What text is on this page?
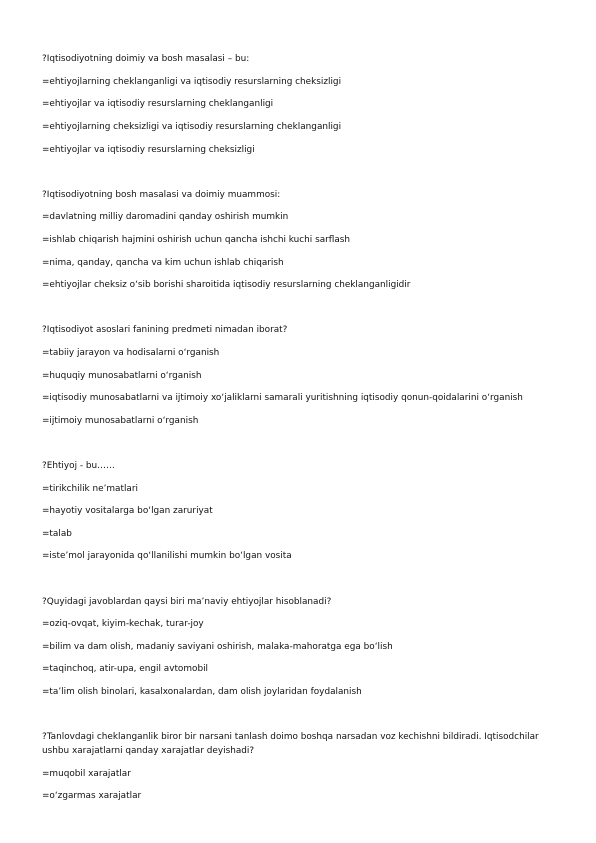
?Iqtisodiyotning doimiy va bosh masalasi – bu:
=ehtiyojlarning cheklanganligi va iqtisodiy resurslarning cheksizligi
=ehtiyojlar va iqtisodiy resurslarning cheklanganligi
=ehtiyojlarning cheksizligi va iqtisodiy resurslarning cheklanganligi
=ehtiyojlar va iqtisodiy resurslarning cheksizligi
?Iqtisodiyotning bosh masalasi va doimiy muammosi:
=davlatning milliy daromadini qanday oshirish mumkin
=ishlab chiqarish hajmini oshirish uchun qancha ishchi kuchi sarflash
=nima, qanday, qancha va kim uchun ishlab chiqarish
=ehtiyojlar cheksiz o‘sib borishi sharoitida iqtisodiy resurslarning cheklanganligidir
?Iqtisodiyot asoslari fanining predmeti nimadan iborat?
=tabiiy jarayon va hodisalarni o‘rganish
=huquqiy munosabatlarni o‘rganish
=iqtisodiy munosabatlarni va ijtimoiy xo‘jaliklarni samarali yuritishning iqtisodiy qonun-qoidalarini o‘rganish
=ijtimoiy munosabatlarni o‘rganish
?Ehtiyoj - bu……
=tirikchilik ne’matlari
=hayotiy vositalarga bo‘lgan zaruriyat
=talab
=iste’mol jarayonida qo‘llanilishi mumkin bo‘lgan vosita
?Quyidagi javoblardan qaysi biri ma’naviy ehtiyojlar hisoblanadi?
=oziq-ovqat, kiyim-kechak, turar-joy
=bilim va dam olish, madaniy saviyani oshirish, malaka-mahoratga ega bo‘lish
=taqinchoq, atir-upa, engil avtomobil
=ta’lim olish binolari, kasalxonalardan, dam olish joylaridan foydalanish
?Tanlovdagi cheklanganlik biror bir narsani tanlash doimo boshqa narsadan voz kechishni bildiradi. Iqtisodchilar ushbu xarajatlarni qanday xarajatlar deyishadi?
=muqobil xarajatlar
=o‘zgarmas xarajatlar
